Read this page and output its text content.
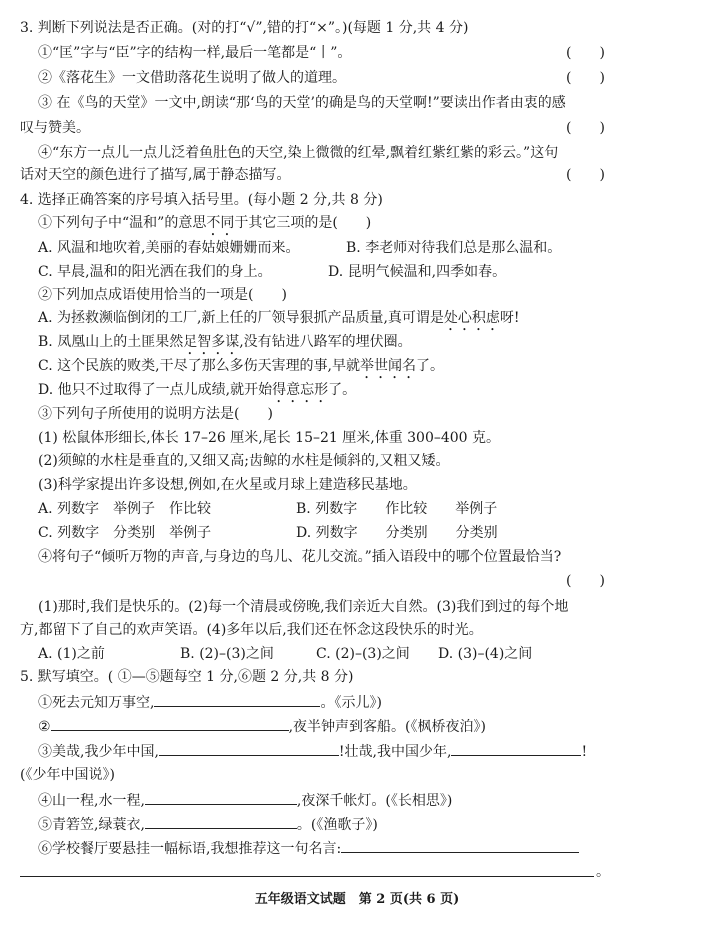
3. 判断下列说法是否正确。(对的打“√”,错的打“×”。)(每题 1 分,共 4 分)
①“匡”字与“臣”字的结构一样,最后一笔都是“丨”。	(　　)
②《落花生》一文借助落花生说明了做人的道理。	(　　)
③ 在《鸟的天堂》一文中,朗读“那‘鸟的天堂’的确是鸟的天堂啊!”要读出作者由衷的感
叹与赞美。	(　　)
④“东方一点儿一点儿泛着鱼肚色的天空,染上微微的红晕,飘着红紫红紫的彩云。”这句
话对天空的颜色进行了描写,属于静态描写。	(　　)
4. 选择正确答案的序号填入括号里。(每小题 2 分,共 8 分)
①下列句子中“温和”的意思不同于其它三项的是(　　)
A. 风温和地吹着,美丽的春姑娘姗姗而来。	B. 李老师对待我们总是那么温和。
C. 早晨,温和的阳光洒在我们的身上。	D. 昆明气候温和,四季如春。
②下列加点成语使用恰当的一项是(　　)
A. 为拯救濒临倒闭的工厂,新上任的厂领导狠抓产品质量,真可谓是处心积虑呀!
B. 凤凰山上的土匪果然足智多谋,没有钻进八路军的埋伏圈。
C. 这个民族的败类,干尽了那么多伤天害理的事,早就举世闻名了。
D. 他只不过取得了一点儿成绩,就开始得意忘形了。
③下列句子所使用的说明方法是(　　)
(1) 松鼠体形细长,体长 17–26 厘米,尾长 15–21 厘米,体重 300–400 克。
(2)须鲸的水柱是垂直的,又细又高;齿鲸的水柱是倾斜的,又粗又矮。
(3)科学家提出许多设想,例如,在火星或月球上建造移民基地。
A. 列数字　举例子　作比较	B. 列数字　　作比较　　举例子
C. 列数字　分类别　举例子	D. 列数字　　分类别　　分类别
④将句子“倾听万物的声音,与身边的鸟儿、花儿交流。”插入语段中的哪个位置最恰当?
(　　)
(1)那时,我们是快乐的。(2)每一个清晨或傍晚,我们亲近大自然。(3)我们到过的每个地
方,都留下了自己的欢声笑语。(4)多年以后,我们还在怀念这段快乐的时光。
A. (1)之前	B. (2)–(3)之间	C. (2)–(3)之间 D. (3)–(4)之间
5. 默写填空。( ①—⑤题每空 1 分,⑥题 2 分,共 8 分)
①死去元知万事空,	。《示儿》)
②	,夜半钟声到客船。(《枫桥夜泊》)
③美哉,我少年中国,	!壮哉,我中国少年,	!
(《少年中国说》)
④山一程,水一程,	,夜深千帐灯。(《长相思》)
⑤青箬笠,绿蓑衣,	。(《渔歌子》)
⑥学校餐厅要悬挂一幅标语,我想推荐这一句名言:
。
五年级语文试题　第 2 页(共 6 页)
